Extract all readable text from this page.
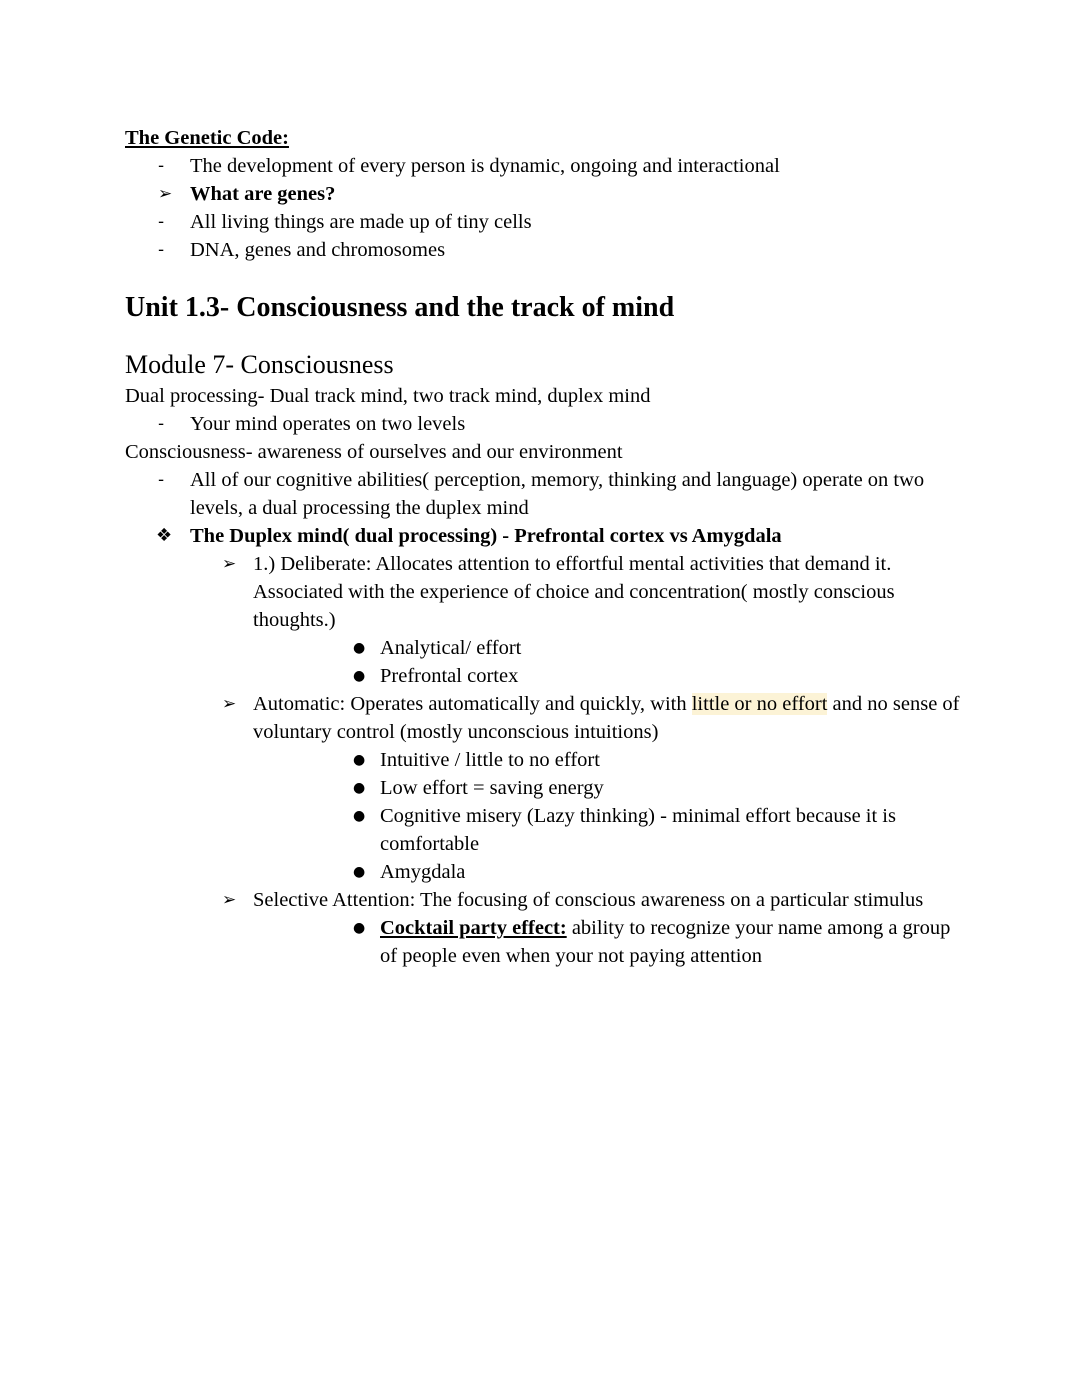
The Genetic Code:
-	The development of every person is dynamic, ongoing and interactional
➢ What are genes?
-	All living things are made up of tiny cells
-	DNA, genes and chromosomes
Unit 1.3- Consciousness and the track of mind
Module 7- Consciousness
Dual processing- Dual track mind, two track mind, duplex mind
-	Your mind operates on two levels
Consciousness- awareness of ourselves and our environment
-	All of our cognitive abilities( perception, memory, thinking and language) operate on two levels, a dual processing the duplex mind
❖ The Duplex mind( dual processing) - Prefrontal cortex vs Amygdala
➢ 1.) Deliberate: Allocates attention to effortful mental activities that demand it. Associated with the experience of choice and concentration( mostly conscious thoughts.)
● Analytical/ effort
● Prefrontal cortex
➢ Automatic: Operates automatically and quickly, with little or no effort and no sense of voluntary control (mostly unconscious intuitions)
● Intuitive / little to no effort
● Low effort = saving energy
● Cognitive misery (Lazy thinking) - minimal effort because it is comfortable
● Amygdala
➢ Selective Attention: The focusing of conscious awareness on a particular stimulus
● Cocktail party effect: ability to recognize your name among a group of people even when your not paying attention
